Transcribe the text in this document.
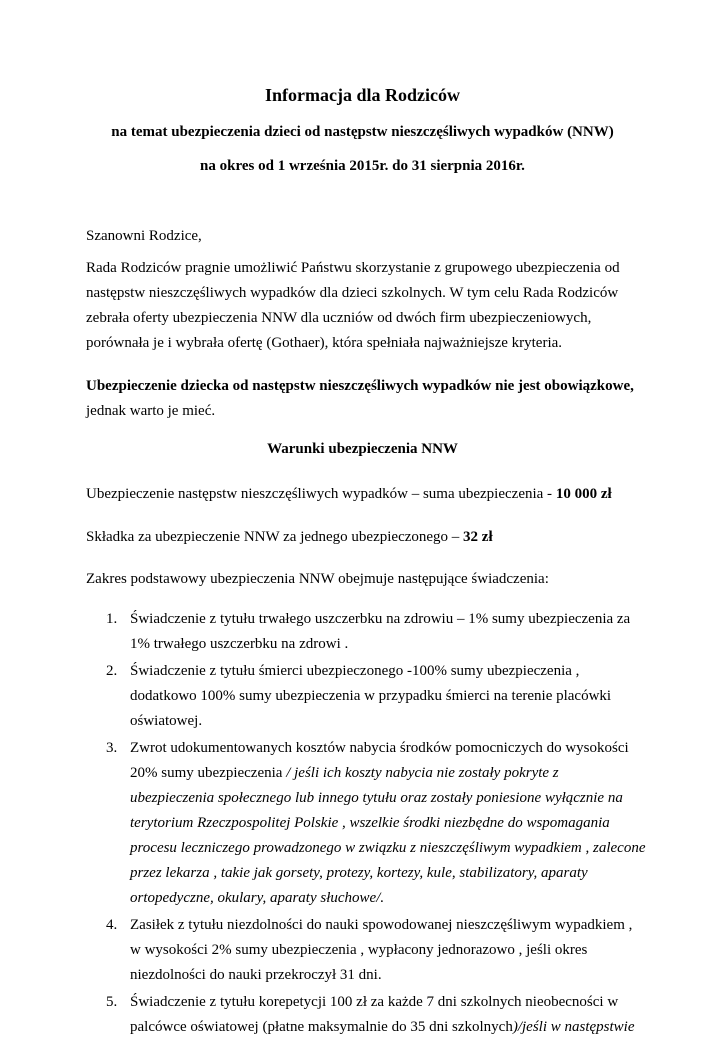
Informacja dla Rodziców
na temat ubezpieczenia dzieci od następstw nieszczęśliwych wypadków (NNW)
na okres od 1 września 2015r. do 31 sierpnia 2016r.

Szanowni Rodzice,

Rada Rodziców pragnie umożliwić Państwu skorzystanie z grupowego ubezpieczenia od następstw nieszczęśliwych wypadków dla dzieci szkolnych. W tym celu Rada Rodziców zebrała oferty ubezpieczenia NNW dla uczniów od dwóch firm ubezpieczeniowych, porównała je i wybrała ofertę (Gothaer), która spełniała najważniejsze kryteria.

Ubezpieczenie dziecka od następstw nieszczęśliwych wypadków nie jest obowiązkowe, jednak warto je mieć.

Warunki ubezpieczenia NNW

Ubezpieczenie następstw nieszczęśliwych wypadków – suma ubezpieczenia - 10 000 zł

Składka za ubezpieczenie NNW za jednego ubezpieczonego – 32 zł

Zakres podstawowy ubezpieczenia NNW obejmuje następujące świadczenia:

1. Świadczenie z tytułu trwałego uszczerbku na zdrowiu – 1% sumy ubezpieczenia za 1% trwałego uszczerbku na zdrowi .
2. Świadczenie z tytułu śmierci ubezpieczonego -100% sumy ubezpieczenia , dodatkowo 100% sumy ubezpieczenia w przypadku śmierci na terenie placówki oświatowej.
3. Zwrot udokumentowanych kosztów nabycia środków pomocniczych do wysokości 20% sumy ubezpieczenia / jeśli ich koszty nabycia nie zostały pokryte z ubezpieczenia społecznego lub innego tytułu oraz zostały poniesione wyłącznie na terytorium Rzeczpospolitej Polskie , wszelkie środki niezbędne do wspomagania procesu leczniczego prowadzonego w związku z nieszczęśliwym wypadkiem , zalecone przez lekarza , takie jak gorsety, protezy, kortezy, kule, stabilizatory, aparaty ortopedyczne, okulary, aparaty słuchowe/.
4. Zasiłek z tytułu niezdolności do nauki spowodowanej nieszczęśliwym wypadkiem , w wysokości 2% sumy ubezpieczenia , wypłacony jednorazowo , jeśli okres niezdolności do nauki przekroczył 31 dni.
5. Świadczenie z tytułu korepetycji 100 zł za każde 7 dni szkolnych nieobecności w palcówce oświatowej (płatne maksymalnie do 35 dni szkolnych)/jeśli w następstwie
